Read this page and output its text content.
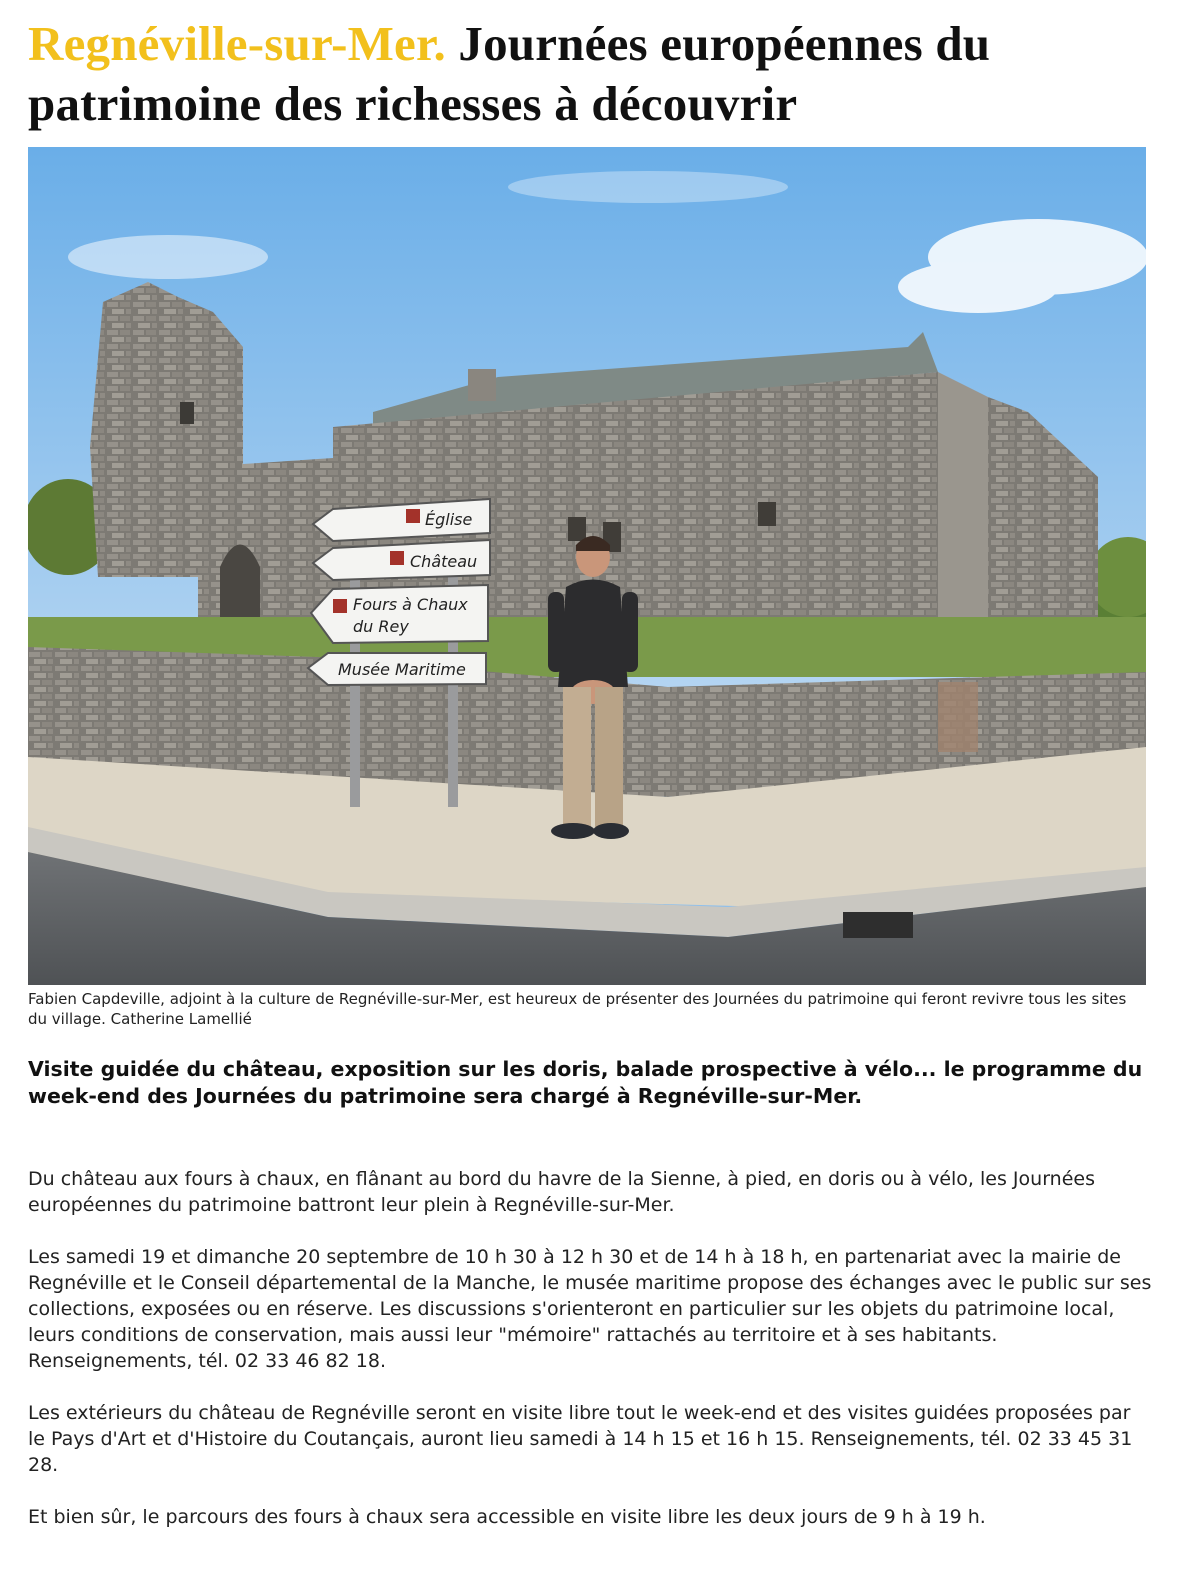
Regnéville-sur-Mer. Journées européennes du patrimoine des richesses à découvrir
Église
Château
Fours à Chaux
du Rey
Musée Maritime
Fabien Capdeville, adjoint à la culture de Regnéville-sur-Mer, est heureux de présenter des Journées du patrimoine qui feront revivre tous les sites du village. Catherine Lamellié

Visite guidée du château, exposition sur les doris, balade prospective à vélo... le programme du week-end des Journées du patrimoine sera chargé à Regnéville-sur-Mer.

Du château aux fours à chaux, en flânant au bord du havre de la Sienne, à pied, en doris ou à vélo, les Journées européennes du patrimoine battront leur plein à Regnéville-sur-Mer.

Les samedi 19 et dimanche 20 septembre de 10 h 30 à 12 h 30 et de 14 h à 18 h, en partenariat avec la mairie de Regnéville et le Conseil départemental de la Manche, le musée maritime propose des échanges avec le public sur ses collections, exposées ou en réserve. Les discussions s'orienteront en particulier sur les objets du patrimoine local, leurs conditions de conservation, mais aussi leur "mémoire" rattachés au territoire et à ses habitants. Renseignements, tél. 02 33 46 82 18.

Les extérieurs du château de Regnéville seront en visite libre tout le week-end et des visites guidées proposées par le Pays d'Art et d'Histoire du Coutançais, auront lieu samedi à 14 h 15 et 16 h 15. Renseignements, tél. 02 33 45 31 28.

Et bien sûr, le parcours des fours à chaux sera accessible en visite libre les deux jours de 9 h à 19 h.
